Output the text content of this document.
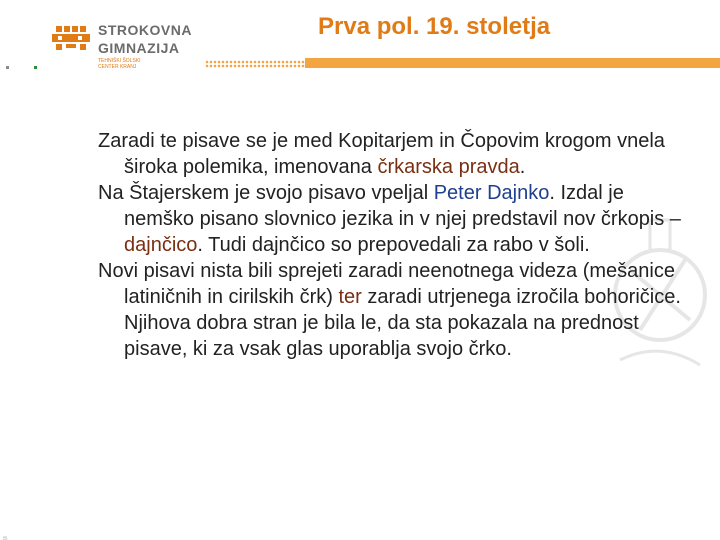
STROKOVNA
GIMNAZIJA
TEHNIŠKI ŠOLSKI
CENTER KRANJ
Prva pol. 19. stoletja
©

Zaradi te pisave se je med Kopitarjem in Čopovim krogom vnela široka polemika, imenovana črkarska pravda.

Na Štajerskem je svojo pisavo vpeljal Peter Dajnko. Izdal je nemško pisano slovnico jezika in v njej predstavil nov črkopis – dajnčico. Tudi dajnčico so prepovedali za rabo v šoli.

Novi pisavi nista bili sprejeti zaradi neenotnega videza (mešanice latiničnih in cirilskih črk) ter zaradi utrjenega izročila bohoričice. Njihova dobra stran je bila le, da sta pokazala na prednost pisave, ki za vsak glas uporablja svojo črko.
